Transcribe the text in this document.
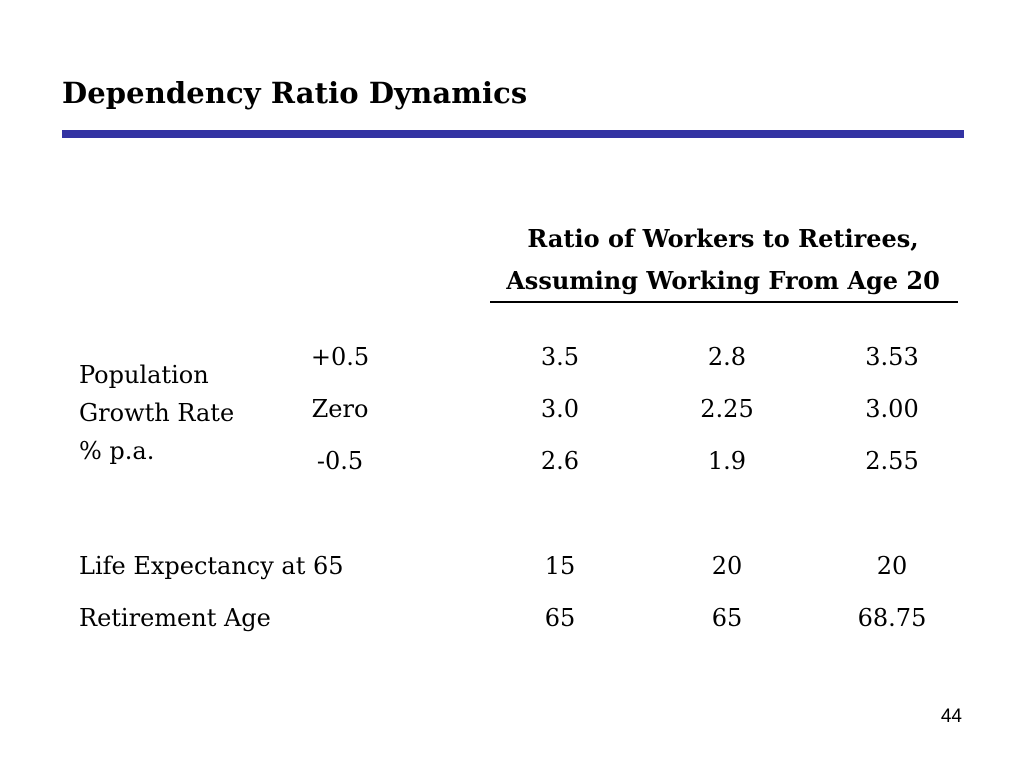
Dependency Ratio Dynamics
Ratio of Workers to Retirees,
Assuming Working From Age 20
Population
Growth Rate
% p.a.
+0.5	3.5	2.8	3.53
Zero	3.0	2.25	3.00
-0.5	2.6	1.9	2.55
Life Expectancy at 65	15	20	20
Retirement Age	65	65	68.75
44
